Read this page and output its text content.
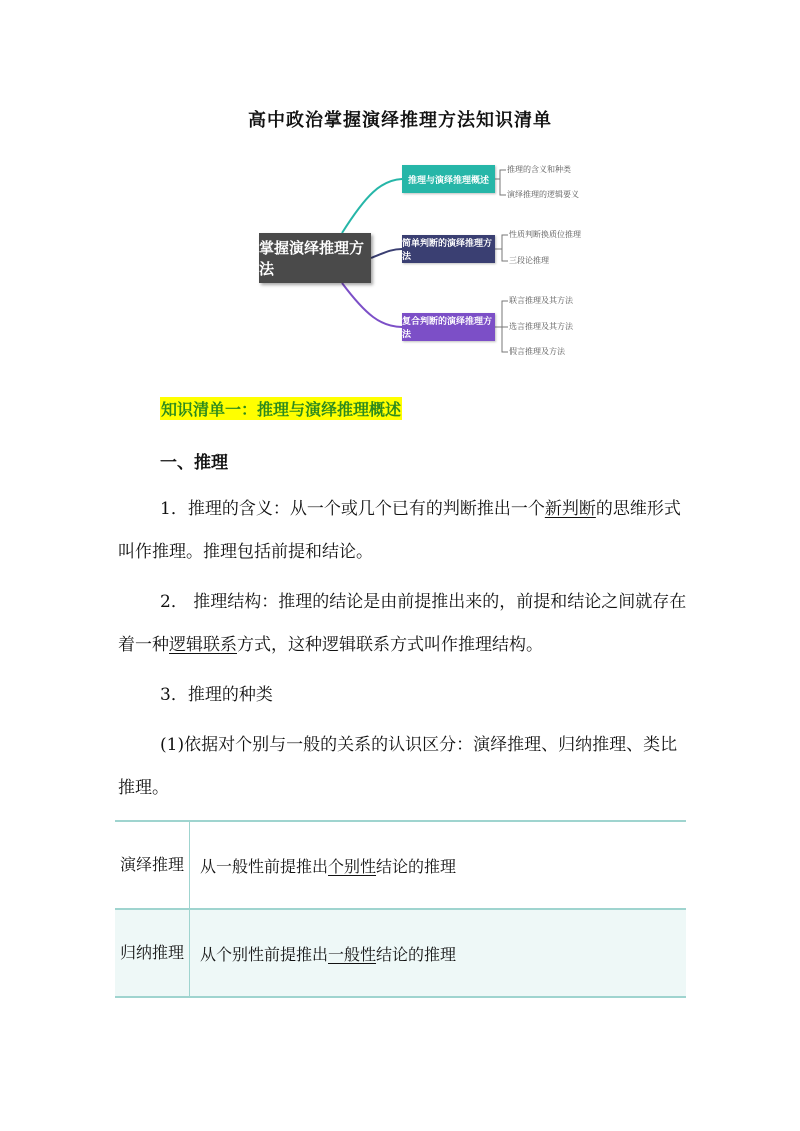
高中政治掌握演绎推理方法知识清单
掌握演绎推理方法
推理与演绎推理概述
简单判断的演绎推理方法
复合判断的演绎推理方法
推理的含义和种类
演绎推理的逻辑要义
性质判断换质位推理
三段论推理
联言推理及其方法
选言推理及其方法
假言推理及方法
知识清单一：推理与演绎推理概述
一、推理

1．推理的含义：从一个或几个已有的判断推出一个新判断的思维形式叫作推理。推理包括前提和结论。

2． 推理结构：推理的结论是由前提推出来的，前提和结论之间就存在着一种逻辑联系方式，这种逻辑联系方式叫作推理结构。

3．推理的种类

(1)依据对个别与一般的关系的认识区分：演绎推理、归纳推理、类比推理。

演绎推理	从一般性前提推出个别性结论的推理
归纳推理	从个别性前提推出一般性结论的推理
